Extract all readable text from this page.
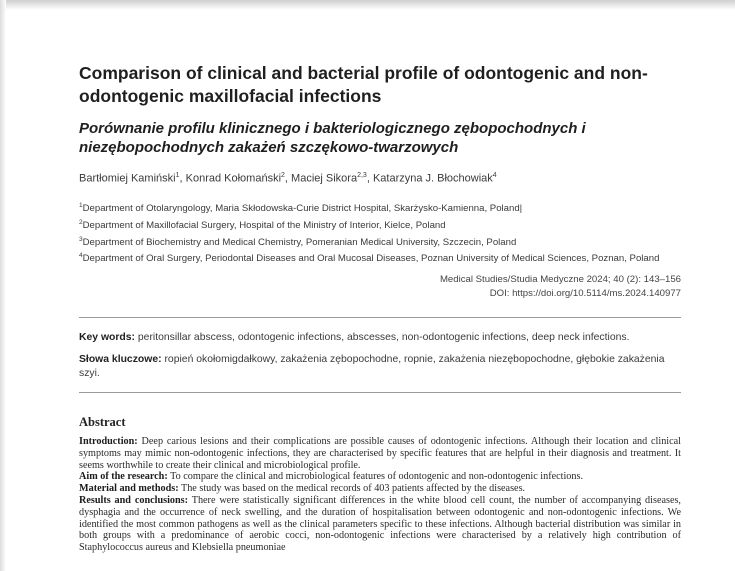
Comparison of clinical and bacterial profile of odontogenic and non-odontogenic maxillofacial infections
Porównanie profilu klinicznego i bakteriologicznego zębopochodnych i niezębopochodnych zakażeń szczękowo-twarzowych

Bartłomiej Kamiński$^1$, Konrad Kołomański$^2$, Maciej Sikora$^{2,3}$, Katarzyna J. Błochowiak$^4$

$^1$Department of Otolaryngology, Maria Skłodowska-Curie District Hospital, Skarżysko-Kamienna, Poland|
$^2$Department of Maxillofacial Surgery, Hospital of the Ministry of Interior, Kielce, Poland
$^3$Department of Biochemistry and Medical Chemistry, Pomeranian Medical University, Szczecin, Poland
$^4$Department of Oral Surgery, Periodontal Diseases and Oral Mucosal Diseases, Poznan University of Medical Sciences, Poznan, Poland
Medical Studies/Studia Medyczne 2024; 40 (2): 143–156
DOI: https://doi.org/10.5114/ms.2024.140977

Key words: peritonsillar abscess, odontogenic infections, abscesses, non-odontogenic infections, deep neck infections.

Słowa kluczowe: ropień okołomigdałkowy, zakażenia zębopochodne, ropnie, zakażenia niezębopochodne, głębokie zakażenia szyi.

Abstract

Introduction: Deep carious lesions and their complications are possible causes of odontogenic infections. Although their location and clinical symptoms may mimic non-odontogenic infections, they are characterised by specific features that are helpful in their diagnosis and treatment. It seems worthwhile to create their clinical and microbiological profile.

Aim of the research: To compare the clinical and microbiological features of odontogenic and non-odontogenic infections.

Material and methods: The study was based on the medical records of 403 patients affected by the diseases.

Results and conclusions: There were statistically significant differences in the white blood cell count, the number of accompanying diseases, dysphagia and the occurrence of neck swelling, and the duration of hospitalisation between odontogenic and non-odontogenic infections. We identified the most common pathogens as well as the clinical parameters specific to these infections. Although bacterial distribution was similar in both groups with a predominance of aerobic cocci, non-odontogenic infections were characterised by a relatively high contribution of Staphylococcus aureus and Klebsiella pneumoniae
